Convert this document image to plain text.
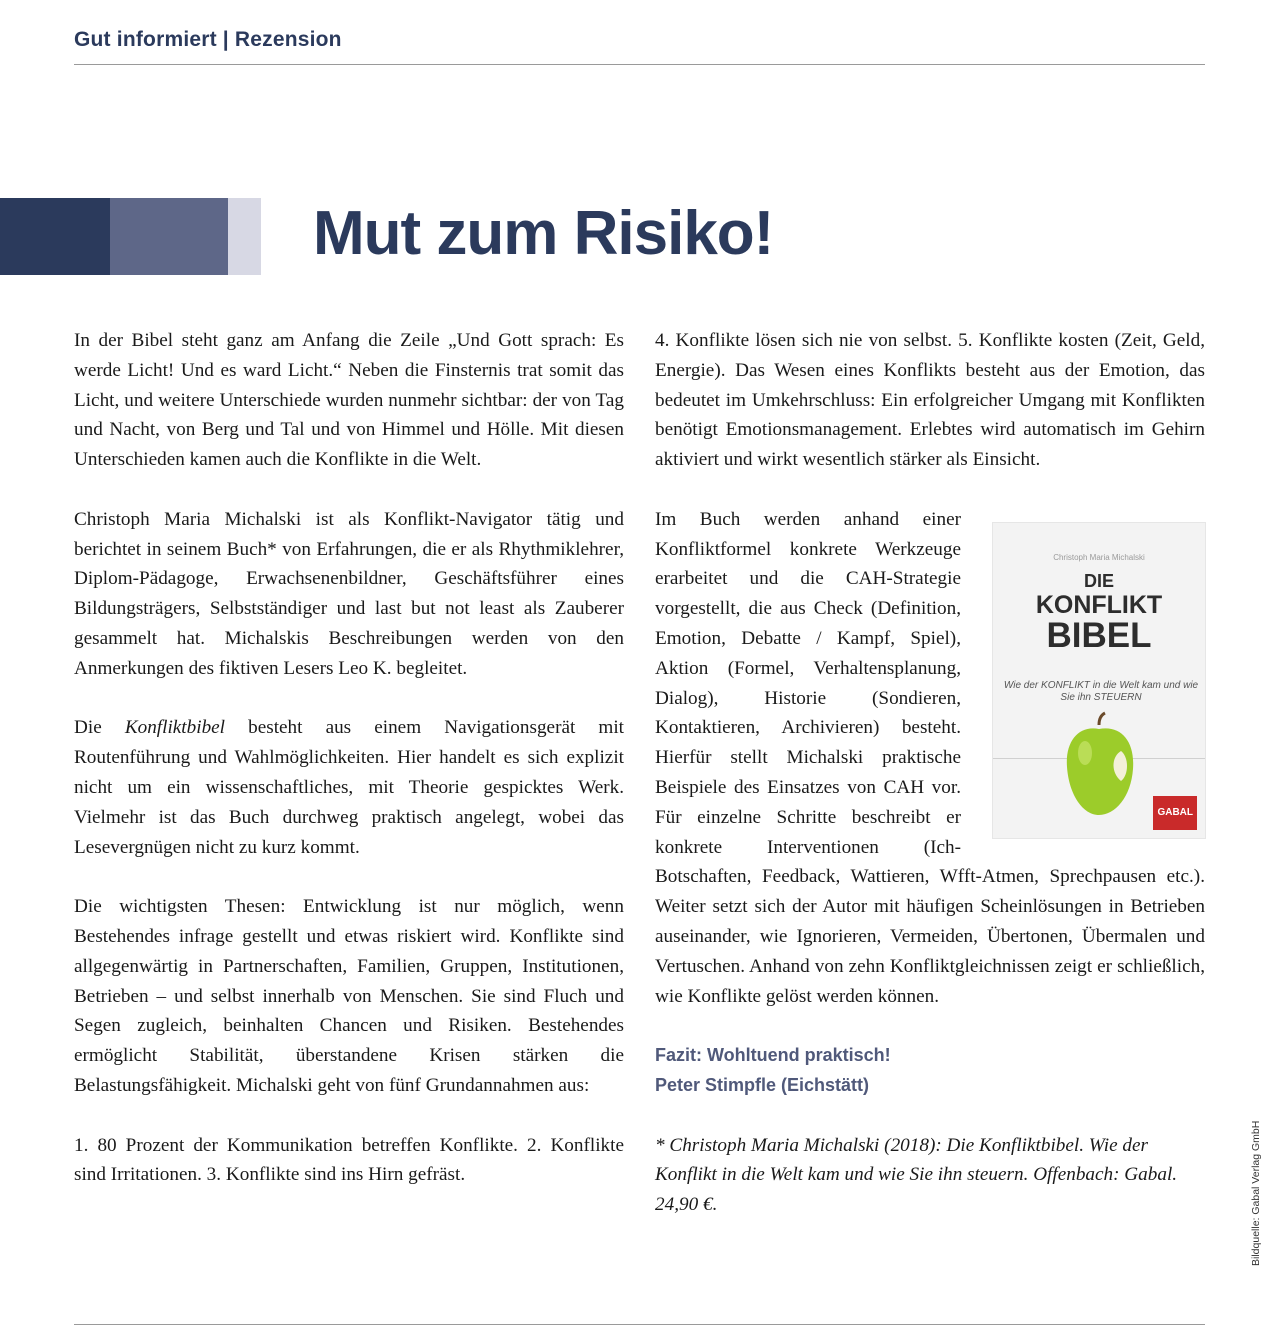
Gut informiert | Rezension
Mut zum Risiko!

In der Bibel steht ganz am Anfang die Zeile „Und Gott sprach: Es werde Licht! Und es ward Licht.“ Neben die Finsternis trat somit das Licht, und weitere Unterschiede wurden nunmehr sichtbar: der von Tag und Nacht, von Berg und Tal und von Himmel und Hölle. Mit diesen Unterschieden kamen auch die Konflikte in die Welt.

Christoph Maria Michalski ist als Konflikt-Navigator tätig und berichtet in seinem Buch* von Erfahrungen, die er als Rhythmiklehrer, Diplom-Pädagoge, Erwachsenenbildner, Geschäftsführer eines Bildungsträgers, Selbstständiger und last but not least als Zauberer gesammelt hat. Michalskis Beschreibungen werden von den Anmerkungen des fiktiven Lesers Leo K. begleitet.

Die Konfliktbibel besteht aus einem Navigationsgerät mit Routenführung und Wahlmöglichkeiten. Hier handelt es sich explizit nicht um ein wissenschaftliches, mit Theorie gespicktes Werk. Vielmehr ist das Buch durchweg praktisch angelegt, wobei das Lesevergnügen nicht zu kurz kommt.

Die wichtigsten Thesen: Entwicklung ist nur möglich, wenn Bestehendes infrage gestellt und etwas riskiert wird. Konflikte sind allgegenwärtig in Partnerschaften, Familien, Gruppen, Institutionen, Betrieben – und selbst innerhalb von Menschen. Sie sind Fluch und Segen zugleich, beinhalten Chancen und Risiken. Bestehendes ermöglicht Stabilität, überstandene Krisen stärken die Belastungsfähigkeit. Michalski geht von fünf Grundannahmen aus:

1. 80 Prozent der Kommunikation betreffen Konflikte. 2. Konflikte sind Irritationen. 3. Konflikte sind ins Hirn gefräst.

4. Konflikte lösen sich nie von selbst. 5. Konflikte kosten (Zeit, Geld, Energie). Das Wesen eines Konflikts besteht aus der Emotion, das bedeutet im Umkehrschluss: Ein erfolgreicher Umgang mit Konflikten benötigt Emotionsmanagement. Erlebtes wird automatisch im Gehirn aktiviert und wirkt wesentlich stärker als Einsicht.

Christoph Maria Michalski
DIE
KONFLIKT
BIBEL
Wie der KONFLIKT in die Welt kam und wie Sie ihn STEUERN
GABAL
Im Buch werden anhand einer Konfliktformel konkrete Werkzeuge erarbeitet und die CAH-Strategie vorgestellt, die aus Check (Definition, Emotion, Debatte / Kampf, Spiel), Aktion (Formel, Verhaltensplanung, Dialog), Historie (Sondieren, Kontaktieren, Archivieren) besteht. Hierfür stellt Michalski praktische Beispiele des Einsatzes von CAH vor. Für einzelne Schritte beschreibt er konkrete Interventionen (Ich-Botschaften, Feedback, Wattieren, Wfft-Atmen, Sprechpausen etc.). Weiter setzt sich der Autor mit häufigen Scheinlösungen in Betrieben auseinander, wie Ignorieren, Vermeiden, Übertonen, Übermalen und Vertuschen. Anhand von zehn Konfliktgleichnissen zeigt er schließlich, wie Konflikte gelöst werden können.

Fazit: Wohltuend praktisch!
Peter Stimpfle (Eichstätt)

* Christoph Maria Michalski (2018): Die Konfliktbibel. Wie der Konflikt in die Welt kam und wie Sie ihn steuern. Offenbach: Gabal. 24,90 €.	Bildquelle: Gabal Verlag GmbH
